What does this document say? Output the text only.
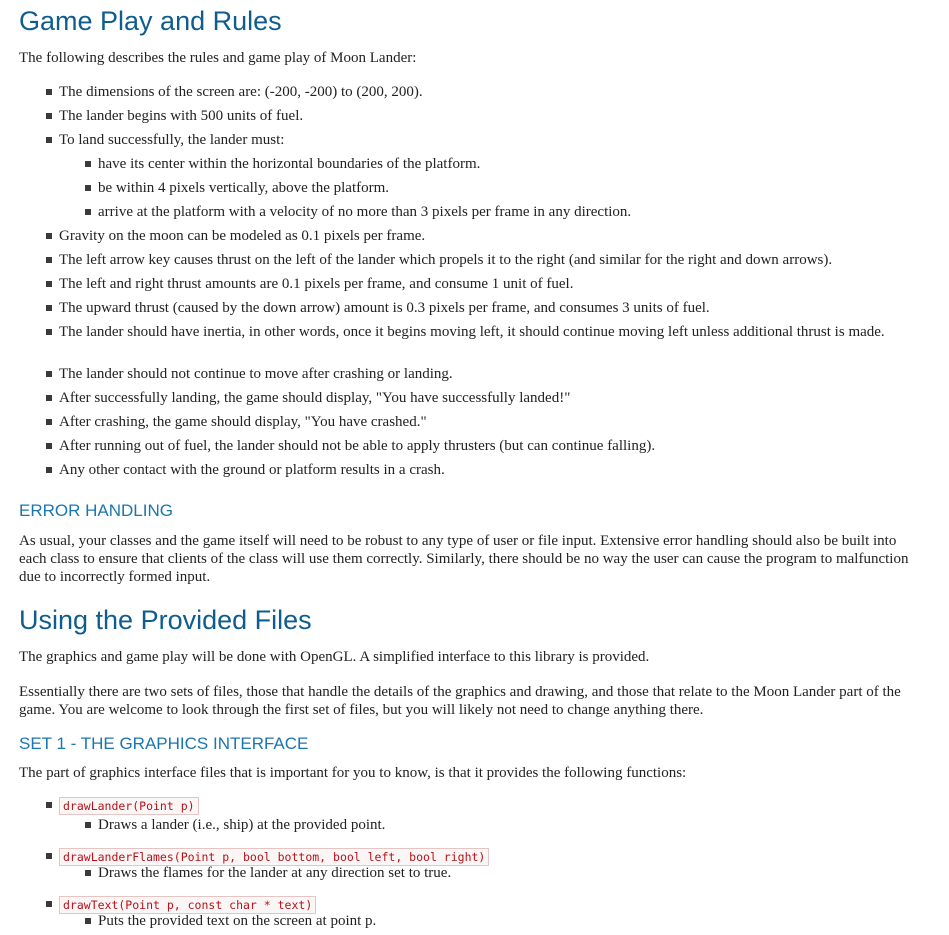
Game Play and Rules

The following describes the rules and game play of Moon Lander:

The dimensions of the screen are: (-200, -200) to (200, 200).
The lander begins with 500 units of fuel.
To land successfully, the lander must:
have its center within the horizontal boundaries of the platform.
be within 4 pixels vertically, above the platform.
arrive at the platform with a velocity of no more than 3 pixels per frame in any direction.
Gravity on the moon can be modeled as 0.1 pixels per frame.
The left arrow key causes thrust on the left of the lander which propels it to the right (and similar for the right and down arrows).
The left and right thrust amounts are 0.1 pixels per frame, and consume 1 unit of fuel.
The upward thrust (caused by the down arrow) amount is 0.3 pixels per frame, and consumes 3 units of fuel.
The lander should have inertia, in other words, once it begins moving left, it should continue moving left unless additional thrust is made.
The lander should not continue to move after crashing or landing.
After successfully landing, the game should display, "You have successfully landed!"
After crashing, the game should display, "You have crashed."
After running out of fuel, the lander should not be able to apply thrusters (but can continue falling).
Any other contact with the ground or platform results in a crash.
ERROR HANDLING

As usual, your classes and the game itself will need to be robust to any type of user or file input. Extensive error handling should also be built into each class to ensure that clients of the class will use them correctly. Similarly, there should be no way the user can cause the program to malfunction due to incorrectly formed input.

Using the Provided Files

The graphics and game play will be done with OpenGL. A simplified interface to this library is provided.

Essentially there are two sets of files, those that handle the details of the graphics and drawing, and those that relate to the Moon Lander part of the game. You are welcome to look through the first set of files, but you will likely not need to change anything there.

SET 1 - THE GRAPHICS INTERFACE

The part of graphics interface files that is important for you to know, is that it provides the following functions:

drawLander(Point p)
Draws a lander (i.e., ship) at the provided point.
drawLanderFlames(Point p, bool bottom, bool left, bool right)
Draws the flames for the lander at any direction set to true.
drawText(Point p, const char * text)
Puts the provided text on the screen at point p.
